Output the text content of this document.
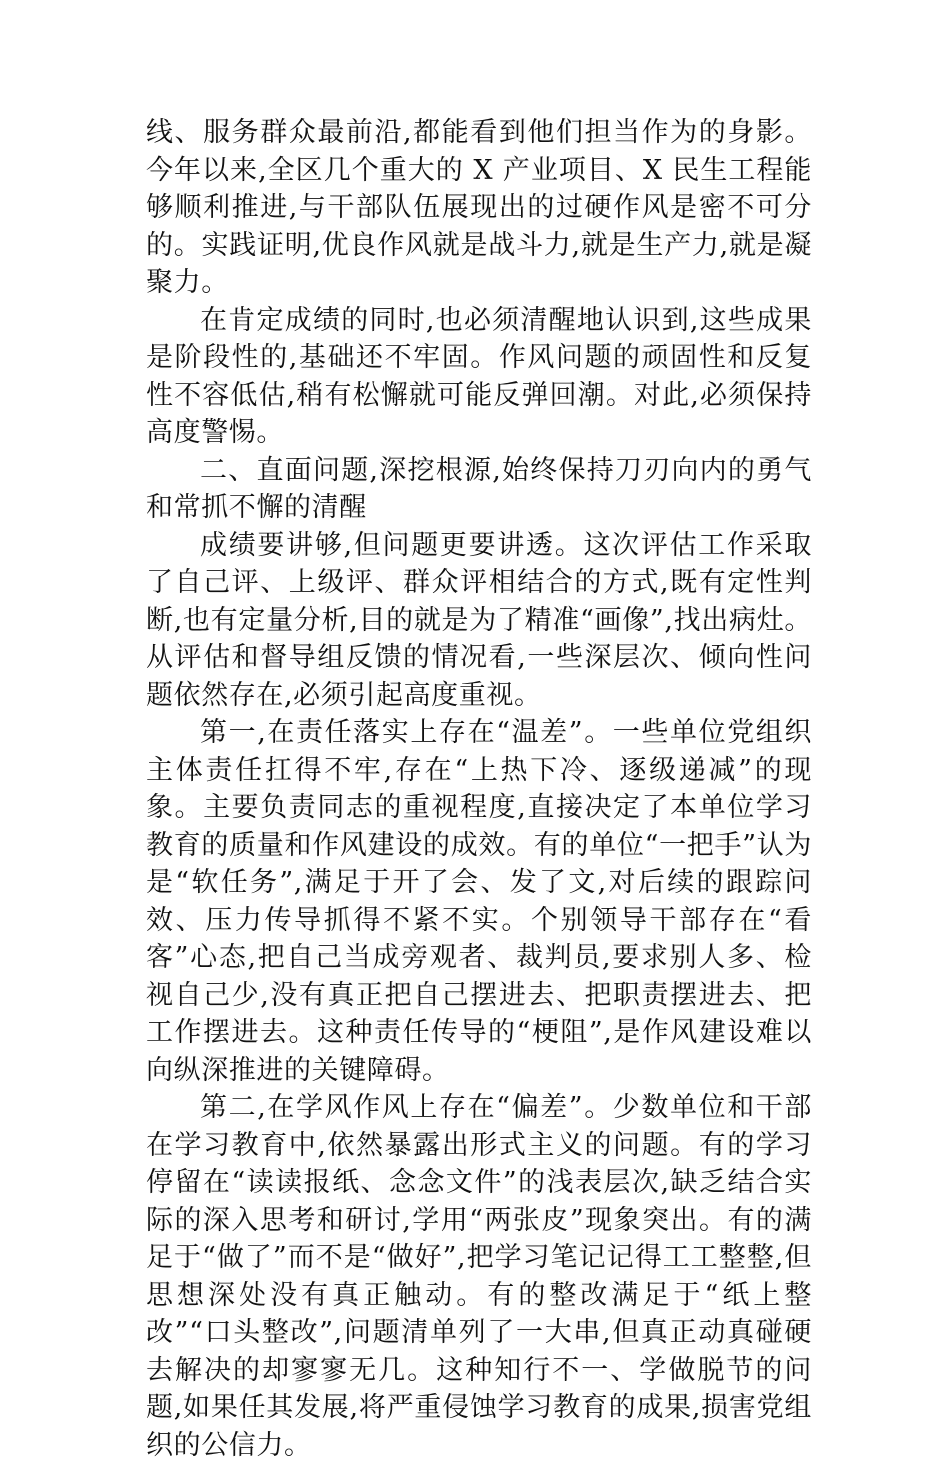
线、服务群众最前沿,都能看到他们担当作为的身影。今年以来,全区几个重大的 X 产业项目、X 民生工程能够顺利推进,与干部队伍展现出的过硬作风是密不可分的。实践证明,优良作风就是战斗力,就是生产力,就是凝聚力。

在肯定成绩的同时,也必须清醒地认识到,这些成果是阶段性的,基础还不牢固。作风问题的顽固性和反复性不容低估,稍有松懈就可能反弹回潮。对此,必须保持高度警惕。

二、直面问题,深挖根源,始终保持刀刃向内的勇气和常抓不懈的清醒

成绩要讲够,但问题更要讲透。这次评估工作采取了自己评、上级评、群众评相结合的方式,既有定性判断,也有定量分析,目的就是为了精准“画像”,找出病灶。从评估和督导组反馈的情况看,一些深层次、倾向性问题依然存在,必须引起高度重视。

第一,在责任落实上存在“温差”。一些单位党组织主体责任扛得不牢,存在“上热下冷、逐级递减”的现象。主要负责同志的重视程度,直接决定了本单位学习教育的质量和作风建设的成效。有的单位“一把手”认为是“软任务”,满足于开了会、发了文,对后续的跟踪问效、压力传导抓得不紧不实。个别领导干部存在“看客”心态,把自己当成旁观者、裁判员,要求别人多、检视自己少,没有真正把自己摆进去、把职责摆进去、把工作摆进去。这种责任传导的“梗阻”,是作风建设难以向纵深推进的关键障碍。

第二,在学风作风上存在“偏差”。少数单位和干部在学习教育中,依然暴露出形式主义的问题。有的学习停留在“读读报纸、念念文件”的浅表层次,缺乏结合实际的深入思考和研讨,学用“两张皮”现象突出。有的满足于“做了”而不是“做好”,把学习笔记记得工工整整,但思想深处没有真正触动。有的整改满足于“纸上整改”“口头整改”,问题清单列了一大串,但真正动真碰硬去解决的却寥寥无几。这种知行不一、学做脱节的问题,如果任其发展,将严重侵蚀学习教育的成果,损害党组织的公信力。
